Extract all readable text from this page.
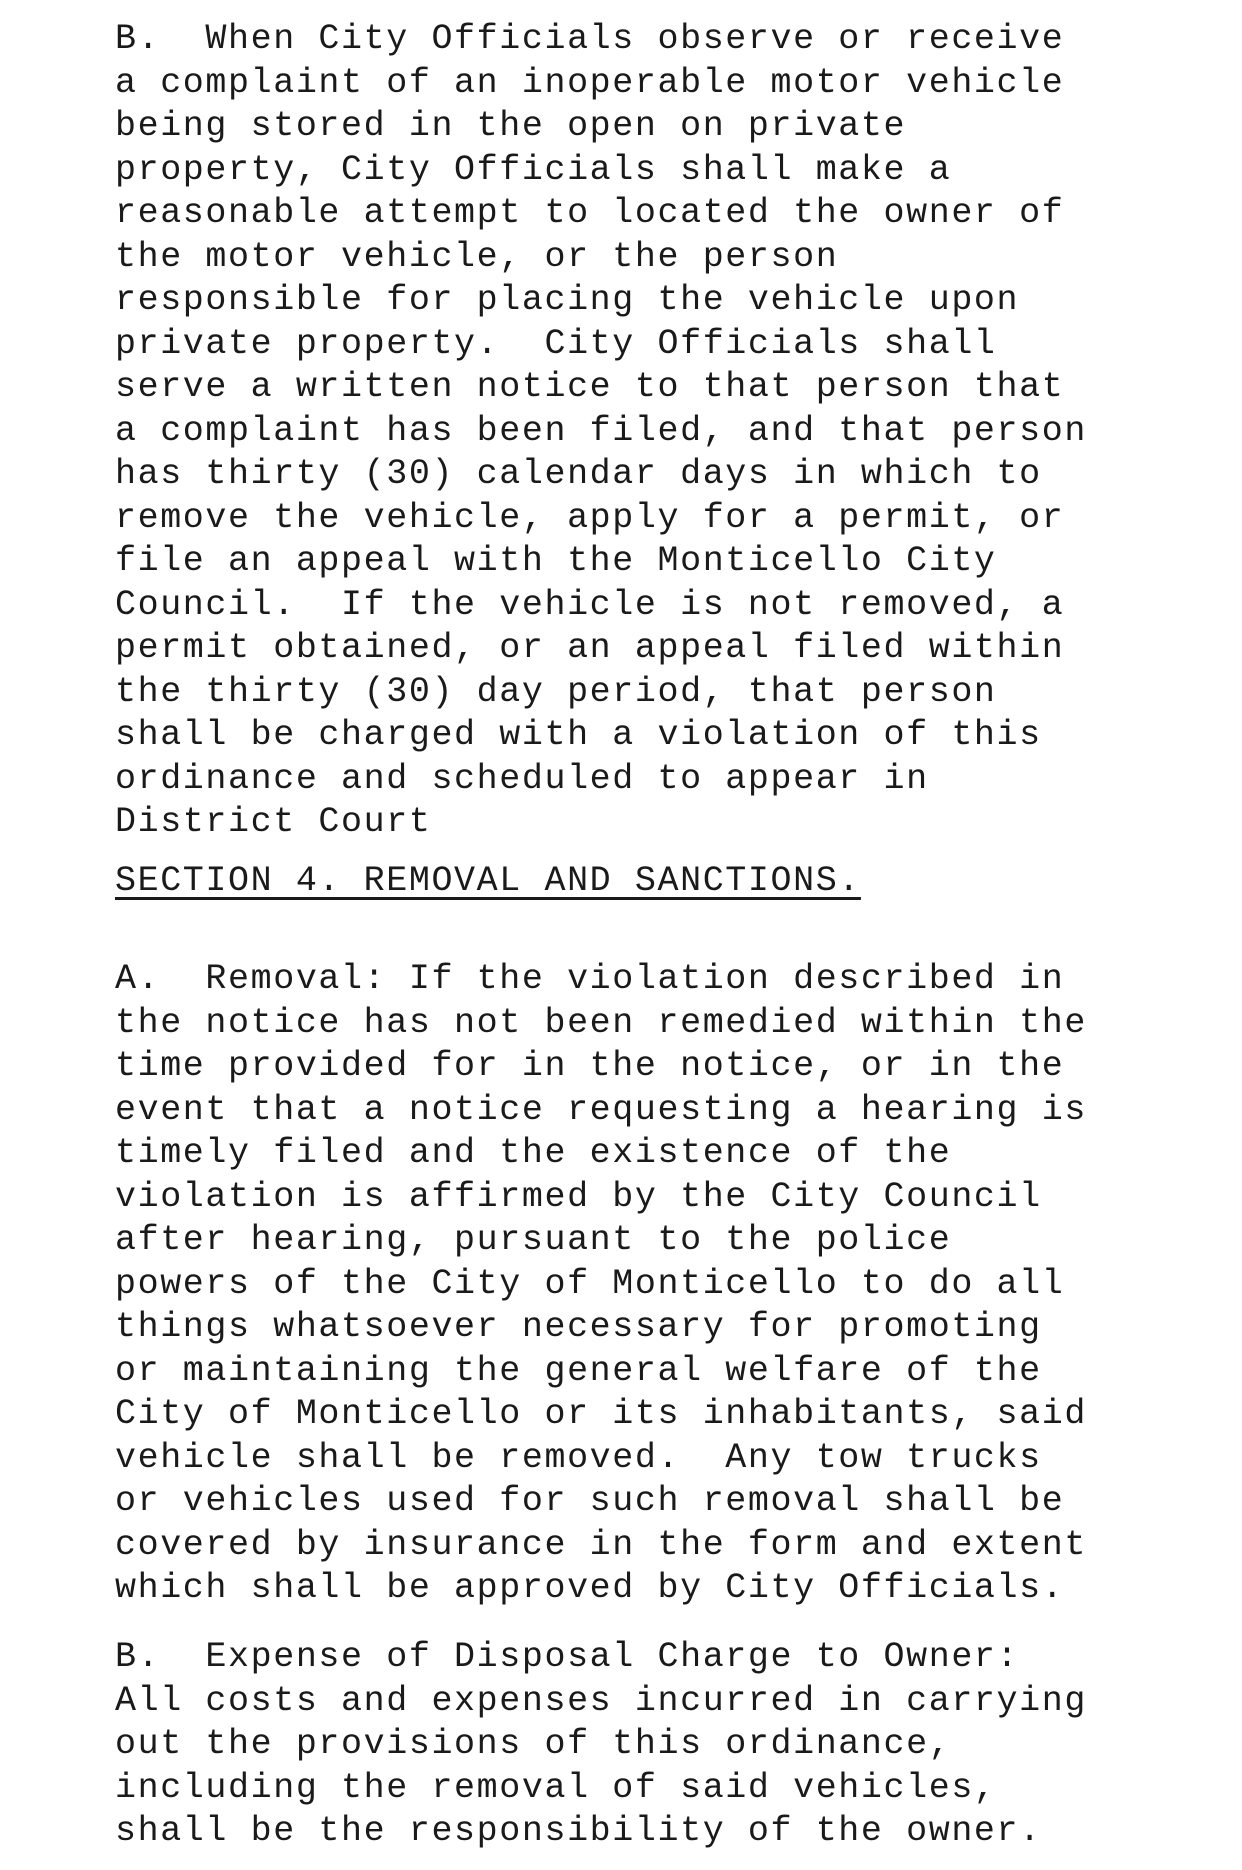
B.  When City Officials observe or receive
a complaint of an inoperable motor vehicle
being stored in the open on private
property, City Officials shall make a
reasonable attempt to located the owner of
the motor vehicle, or the person
responsible for placing the vehicle upon
private property.  City Officials shall
serve a written notice to that person that
a complaint has been filed, and that person
has thirty (30) calendar days in which to
remove the vehicle, apply for a permit, or
file an appeal with the Monticello City
Council.  If the vehicle is not removed, a
permit obtained, or an appeal filed within
the thirty (30) day period, that person
shall be charged with a violation of this
ordinance and scheduled to appear in
District Court
SECTION 4. REMOVAL AND SANCTIONS.
A.  Removal: If the violation described in
the notice has not been remedied within the
time provided for in the notice, or in the
event that a notice requesting a hearing is
timely filed and the existence of the
violation is affirmed by the City Council
after hearing, pursuant to the police
powers of the City of Monticello to do all
things whatsoever necessary for promoting
or maintaining the general welfare of the
City of Monticello or its inhabitants, said
vehicle shall be removed.  Any tow trucks
or vehicles used for such removal shall be
covered by insurance in the form and extent
which shall be approved by City Officials.
B.  Expense of Disposal Charge to Owner:
All costs and expenses incurred in carrying
out the provisions of this ordinance,
including the removal of said vehicles,
shall be the responsibility of the owner.
